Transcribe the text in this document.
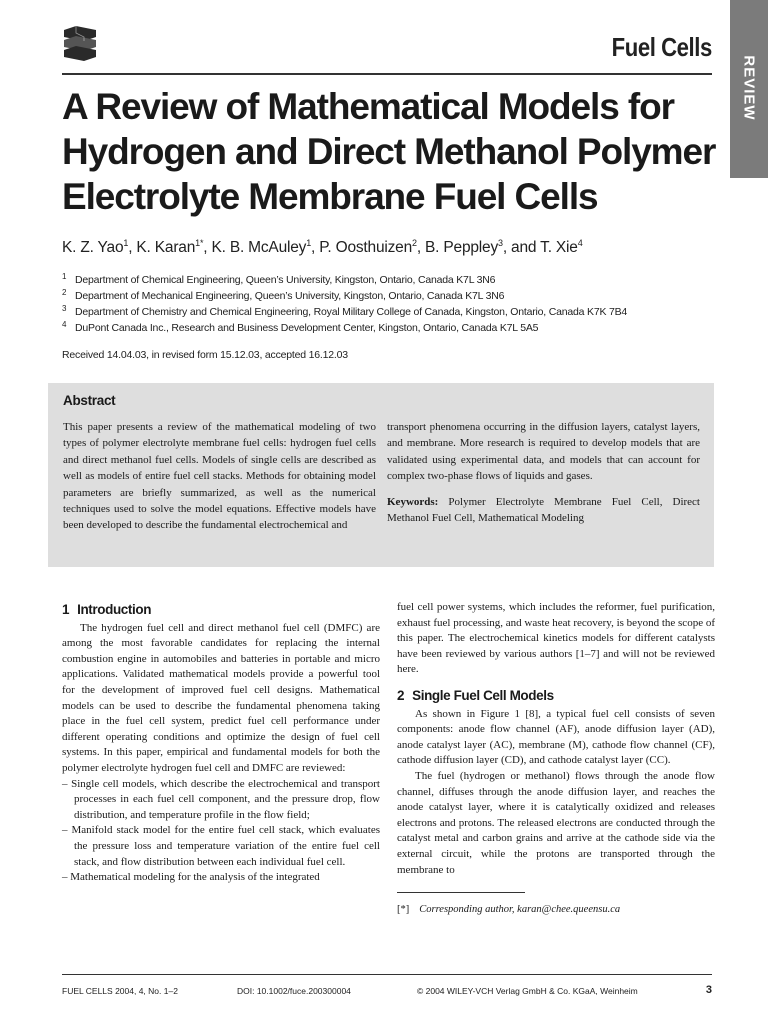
Fuel Cells
REVIEW
A Review of Mathematical Models for Hydrogen and Direct Methanol Polymer Electrolyte Membrane Fuel Cells
K. Z. Yao$^1$, K. Karan$^{1*}$, K. B. McAuley$^1$, P. Oosthuizen$^2$, B. Peppley$^3$, and T. Xie$^4$
$^1$ Department of Chemical Engineering, Queen’s University, Kingston, Ontario, Canada K7L 3N6
$^2$ Department of Mechanical Engineering, Queen’s University, Kingston, Ontario, Canada K7L 3N6
$^3$ Department of Chemistry and Chemical Engineering, Royal Military College of Canada, Kingston, Ontario, Canada K7K 7B4
$^4$ DuPont Canada Inc., Research and Business Development Center, Kingston, Ontario, Canada K7L 5A5
Received 14.04.03, in revised form 15.12.03, accepted 16.12.03
Abstract

This paper presents a review of the mathematical modeling of two types of polymer electrolyte membrane fuel cells: hydrogen fuel cells and direct methanol fuel cells. Models of single cells are described as well as models of entire fuel cell stacks. Methods for obtaining model parameters are briefly summarized, as well as the numerical techniques used to solve the model equations. Effective models have been developed to describe the fundamental electrochemical and

transport phenomena occurring in the diffusion layers, catalyst layers, and membrane. More research is required to develop models that are validated using experimental data, and models that can account for complex two-phase flows of liquids and gases.

Keywords: Polymer Electrolyte Membrane Fuel Cell, Direct Methanol Fuel Cell, Mathematical Modeling

1 Introduction

The hydrogen fuel cell and direct methanol fuel cell (DMFC) are among the most favorable candidates for replacing the internal combustion engine in automobiles and batteries in portable and micro applications. Validated mathematical models provide a powerful tool for the development of improved fuel cell designs. Mathematical models can be used to describe the fundamental phenomena taking place in the fuel cell system, predict fuel cell performance under different operating conditions and optimize the design of fuel cell systems. In this paper, empirical and fundamental models for both the polymer electrolyte hydrogen fuel cell and DMFC are reviewed:

– Single cell models, which describe the electrochemical and transport processes in each fuel cell component, and the pressure drop, flow distribution, and temperature profile in the flow field;

– Manifold stack model for the entire fuel cell stack, which evaluates the pressure loss and temperature variation of the entire fuel cell stack, and flow distribution between each individual fuel cell.

– Mathematical modeling for the analysis of the integrated

fuel cell power systems, which includes the reformer, fuel purification, exhaust fuel processing, and waste heat recovery, is beyond the scope of this paper. The electrochemical kinetics models for different catalysts have been reviewed by various authors [1–7] and will not be reviewed here.

2 Single Fuel Cell Models

As shown in Figure 1 [8], a typical fuel cell consists of seven components: anode flow channel (AF), anode diffusion layer (AD), anode catalyst layer (AC), membrane (M), cathode flow channel (CF), cathode diffusion layer (CD), and cathode catalyst layer (CC).

The fuel (hydrogen or methanol) flows through the anode flow channel, diffuses through the anode diffusion layer, and reaches the anode catalyst layer, where it is catalytically oxidized and releases electrons and protons. The released electrons are conducted through the catalyst metal and carbon grains and arrive at the cathode side via the external circuit, while the protons are transported through the membrane to

[*] Corresponding author, karan@chee.queensu.ca

FUEL CELLS 2004, 4, No. 1–2	DOI: 10.1002/fuce.200300004	© 2004 WILEY-VCH Verlag GmbH & Co. KGaA, Weinheim	3
